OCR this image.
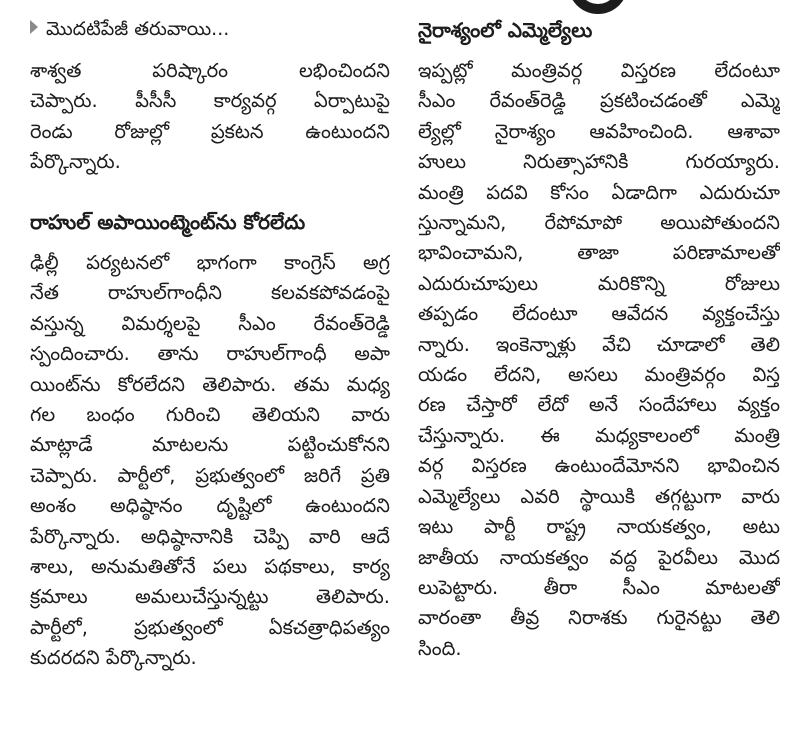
మొదటిపేజీ తరువాయి...
శాశ్వత పరిష్కారం లభించిందని
చెప్పారు. పీసీసీ కార్యవర్గ ఏర్పాటుపై
రెండు రోజుల్లో ప్రకటన ఉంటుందని
పేర్కొన్నారు.
రాహుల్ అపాయింట్మెంట్‌ను కోరలేదు
ఢిల్లీ పర్యటనలో భాగంగా కాంగ్రెస్ అగ్ర
నేత రాహుల్‌గాంధీని కలవకపోవడంపై
వస్తున్న విమర్శలపై సీఎం రేవంత్‌రెడ్డి
స్పందించారు. తాను రాహుల్‌గాంధీ అపా
యింట్‌ను కోరలేదని తెలిపారు. తమ మధ్య
గల బంధం గురించి తెలియని వారు
మాట్లాడే మాటలను పట్టించుకోనని
చెప్పారు. పార్టీలో, ప్రభుత్వంలో జరిగే ప్రతి
అంశం అధిష్ఠానం దృష్టిలో ఉంటుందని
పేర్కొన్నారు. అధిష్ఠానానికి చెప్పి వారి ఆదే
శాలు, అనుమతితోనే పలు పథకాలు, కార్య
క్రమాలు అమలుచేస్తున్నట్టు తెలిపారు.
పార్టీలో, ప్రభుత్వంలో ఏకచత్రాధిపత్యం
కుదరదని పేర్కొన్నారు.
నైరాశ్యంలో ఎమ్మెల్యేలు
ఇప్పట్లో మంత్రివర్గ విస్తరణ లేదంటూ
సీఎం రేవంత్‌రెడ్డి ప్రకటించడంతో ఎమ్మె
ల్యేల్లో నైరాశ్యం ఆవహించింది. ఆశావా
హులు నిరుత్సాహానికి గురయ్యారు.
మంత్రి పదవి కోసం ఏడాదిగా ఎదురుచూ
స్తున్నామని, రేపోమాపో అయిపోతుందని
భావించామని, తాజా పరిణామాలతో
ఎదురుచూపులు మరికొన్ని రోజులు
తప్పడం లేదంటూ ఆవేదన వ్యక్తంచేస్తు
న్నారు. ఇంకెన్నాళ్లు వేచి చూడాలో తెలి
యడం లేదని, అసలు మంత్రివర్గం విస్త
రణ చేస్తారో లేదో అనే సందేహాలు వ్యక్తం
చేస్తున్నారు. ఈ మధ్యకాలంలో మంత్రి
వర్గ విస్తరణ ఉంటుందేమోనని భావించిన
ఎమ్మెల్యేలు ఎవరి స్థాయికి తగ్గట్టుగా వారు
ఇటు పార్టీ రాష్ట్ర నాయకత్వం, అటు
జాతీయ నాయకత్వం వద్ద పైరవీలు మొద
లుపెట్టారు. తీరా సీఎం మాటలతో
వారంతా తీవ్ర నిరాశకు గురైనట్టు తెలి
సింది.
